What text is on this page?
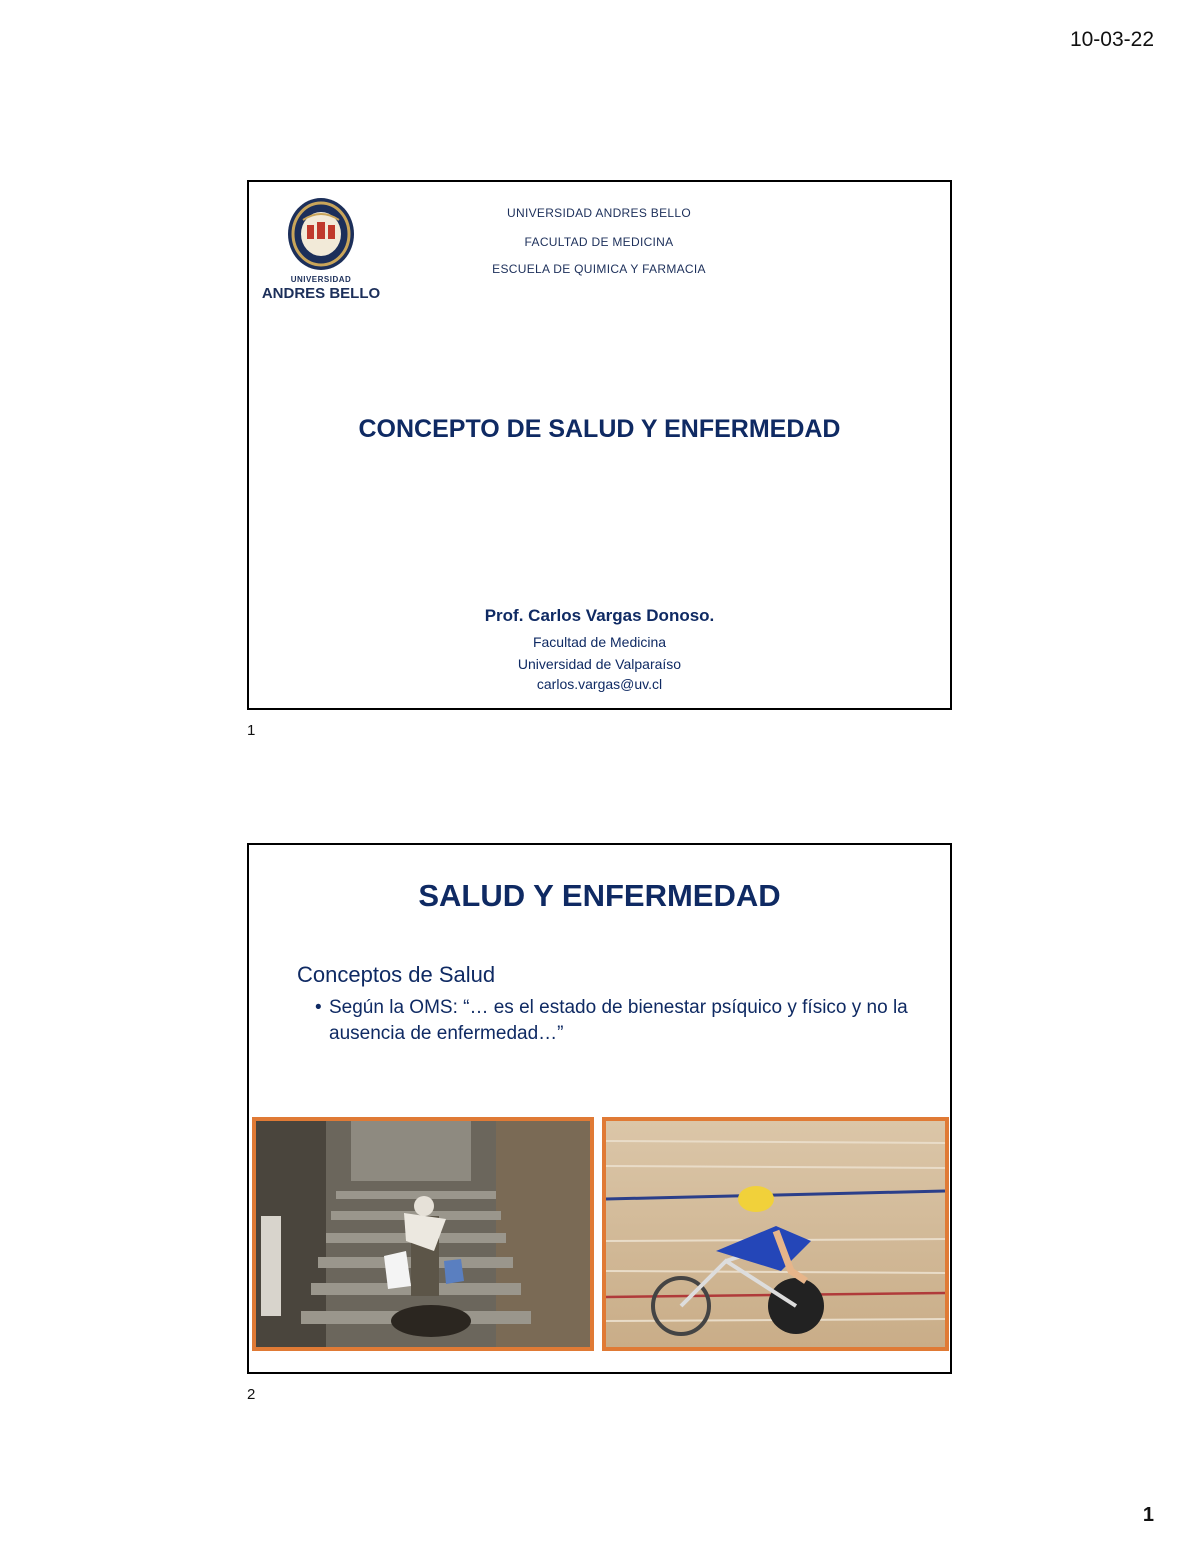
10-03-22
UNIVERSIDAD
ANDRES BELLO
UNIVERSIDAD ANDRES BELLO
FACULTAD DE MEDICINA
ESCUELA DE QUIMICA Y FARMACIA
CONCEPTO DE SALUD Y ENFERMEDAD
Prof. Carlos Vargas Donoso.
Facultad de Medicina
Universidad de Valparaíso
carlos.vargas@uv.cl
1
SALUD Y ENFERMEDAD
Conceptos de Salud
• Según la OMS: “… es el estado de bienestar psíquico y físico y no la ausencia de enfermedad…”
2
1
